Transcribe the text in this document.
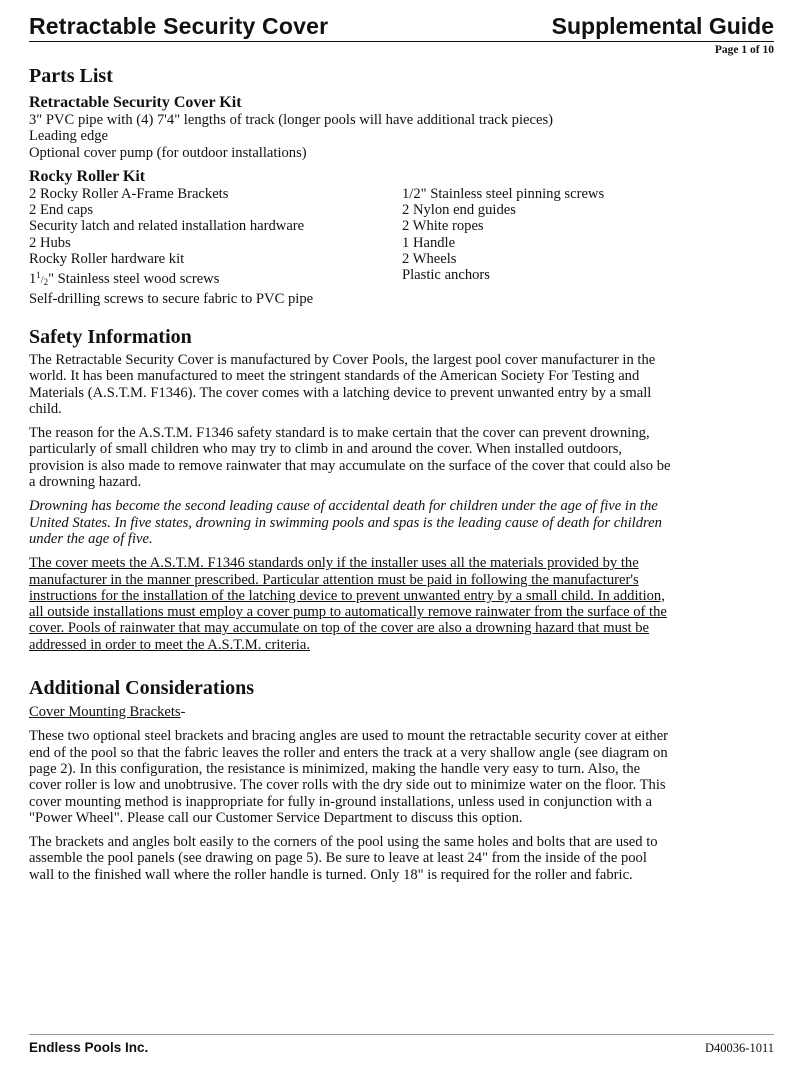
Retractable Security Cover	Supplemental Guide
Page 1 of 10
Parts List
Retractable Security Cover Kit
3" PVC pipe with (4) 7'4" lengths of track (longer pools will have additional track pieces)
Leading edge
Optional cover pump (for outdoor installations)
Rocky Roller Kit
2 Rocky Roller A-Frame Brackets
2 End caps
Security latch and related installation hardware
2 Hubs
Rocky Roller hardware kit
$1^1/_2$" Stainless steel wood screws
Self-drilling screws to secure fabric to PVC pipe
1/2" Stainless steel pinning screws
2 Nylon end guides
2 White ropes
1 Handle
2 Wheels
Plastic anchors
Safety Information
The Retractable Security Cover is manufactured by Cover Pools, the largest pool cover manufacturer in the
world. It has been manufactured to meet the stringent standards of the American Society For Testing and
Materials (A.S.T.M. F1346). The cover comes with a latching device to prevent unwanted entry by a small
child.
The reason for the A.S.T.M. F1346 safety standard is to make certain that the cover can prevent drowning,
particularly of small children who may try to climb in and around the cover. When installed outdoors,
provision is also made to remove rainwater that may accumulate on the surface of the cover that could also be
a drowning hazard.
Drowning has become the second leading cause of accidental death for children under the age of five in the
United States. In five states, drowning in swimming pools and spas is the leading cause of death for children
under the age of five.
The cover meets the A.S.T.M. F1346 standards only if the installer uses all the materials provided by the
manufacturer in the manner prescribed. Particular attention must be paid in following the manufacturer's
instructions for the installation of the latching device to prevent unwanted entry by a small child. In addition,
all outside installations must employ a cover pump to automatically remove rainwater from the surface of the
cover. Pools of rainwater that may accumulate on top of the cover are also a drowning hazard that must be
addressed in order to meet the A.S.T.M. criteria.
Additional Considerations
Cover Mounting Brackets-
These two optional steel brackets and bracing angles are used to mount the retractable security cover at either
end of the pool so that the fabric leaves the roller and enters the track at a very shallow angle (see diagram on
page 2). In this configuration, the resistance is minimized, making the handle very easy to turn. Also, the
cover roller is low and unobtrusive. The cover rolls with the dry side out to minimize water on the floor. This
cover mounting method is inappropriate for fully in-ground installations, unless used in conjunction with a
"Power Wheel". Please call our Customer Service Department to discuss this option.
The brackets and angles bolt easily to the corners of the pool using the same holes and bolts that are used to
assemble the pool panels (see drawing on page 5). Be sure to leave at least 24" from the inside of the pool
wall to the finished wall where the roller handle is turned. Only 18" is required for the roller and fabric.
Endless Pools Inc.	D40036-1011
